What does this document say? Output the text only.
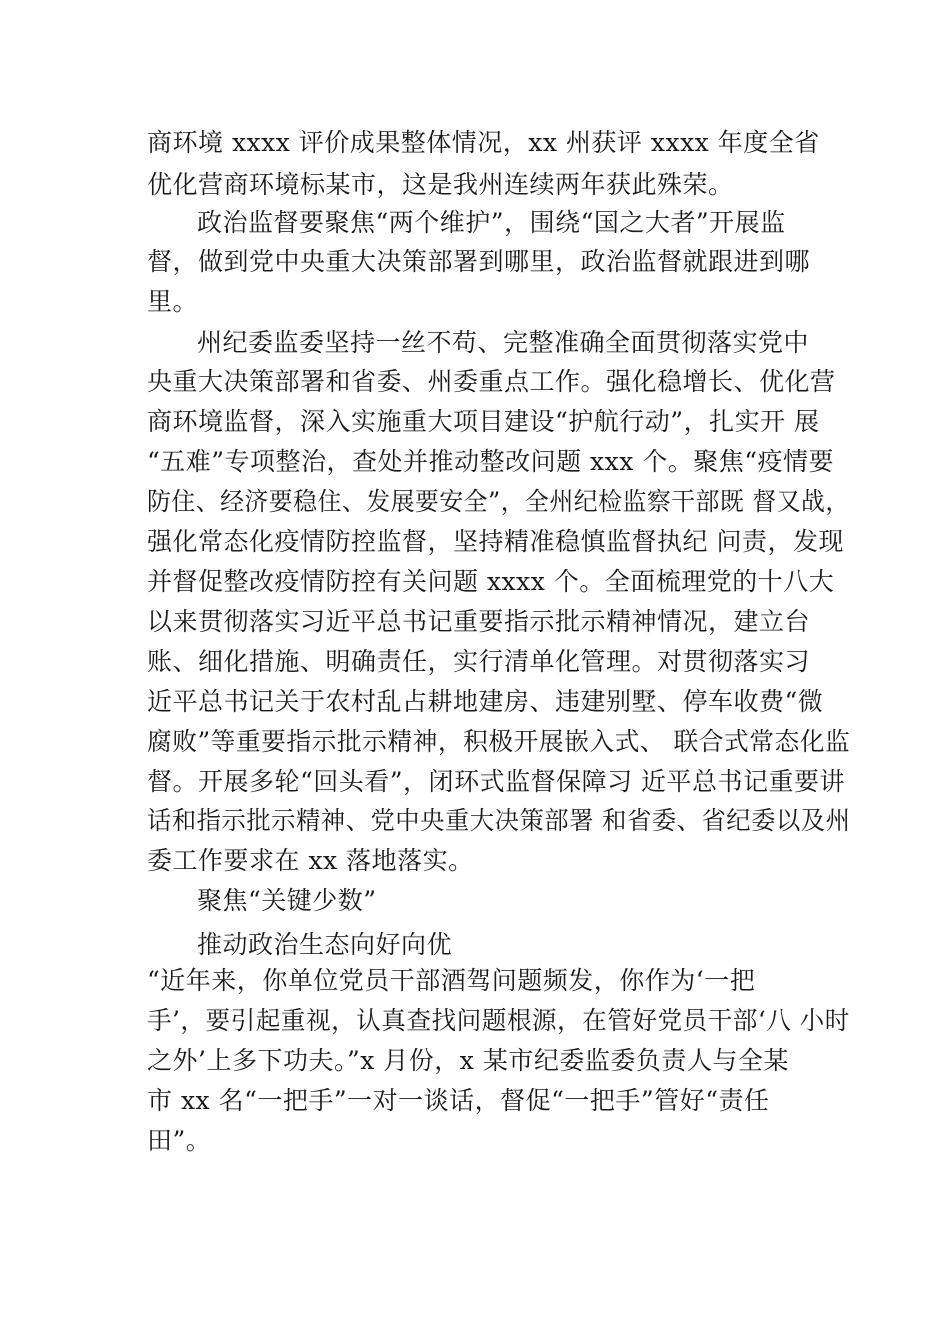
商环境 xxxx 评价成果整体情况，xx 州获评 xxxx 年度全省
优化营商环境标某市，这是我州连续两年获此殊荣。
政治监督要聚焦“两个维护”，围绕“国之大者”开展监
督，做到党中央重大决策部署到哪里，政治监督就跟进到哪
里。
州纪委监委坚持一丝不苟、完整准确全面贯彻落实党中
央重大决策部署和省委、州委重点工作。强化稳增长、优化营
商环境监督，深入实施重大项目建设“护航行动”，扎实开 展
“五难”专项整治，查处并推动整改问题 xxx 个。聚焦“疫情要
防住、经济要稳住、发展要安全”，全州纪检监察干部既 督又战，
强化常态化疫情防控监督，坚持精准稳慎监督执纪 问责，发现
并督促整改疫情防控有关问题 xxxx 个。全面梳理党的十八大
以来贯彻落实习近平总书记重要指示批示精神情况，建立台
账、细化措施、明确责任，实行清单化管理。对贯彻落实习
近平总书记关于农村乱占耕地建房、违建别墅、停车收费“微
腐败”等重要指示批示精神，积极开展嵌入式、 联合式常态化监
督。开展多轮“回头看”，闭环式监督保障习 近平总书记重要讲
话和指示批示精神、党中央重大决策部署 和省委、省纪委以及州
委工作要求在 xx 落地落实。
聚焦“关键少数”
推动政治生态向好向优
“近年来，你单位党员干部酒驾问题频发，你作为‘一把
手’，要引起重视，认真查找问题根源，在管好党员干部‘八 小时
之外’上多下功夫。”x 月份，x 某市纪委监委负责人与全某
市 xx 名“一把手”一对一谈话，督促“一把手”管好“责任
田”。
